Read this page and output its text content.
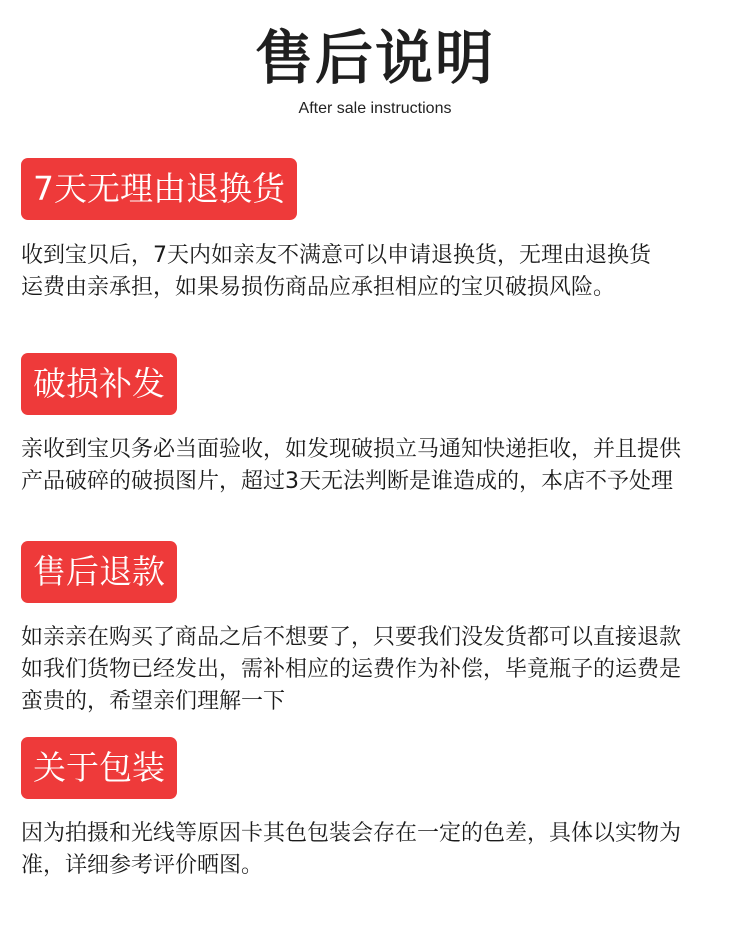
售后说明
After sale instructions
7天无理由退换货

收到宝贝后，7天内如亲友不满意可以申请退换货，无理由退换货
运费由亲承担，如果易损伤商品应承担相应的宝贝破损风险。

破损补发

亲收到宝贝务必当面验收，如发现破损立马通知快递拒收，并且提供
产品破碎的破损图片，超过3天无法判断是谁造成的，本店不予处理

售后退款

如亲亲在购买了商品之后不想要了，只要我们没发货都可以直接退款
如我们货物已经发出，需补相应的运费作为补偿，毕竟瓶子的运费是
蛮贵的，希望亲们理解一下

关于包装

因为拍摄和光线等原因卡其色包装会存在一定的色差，具体以实物为
准，详细参考评价晒图。
